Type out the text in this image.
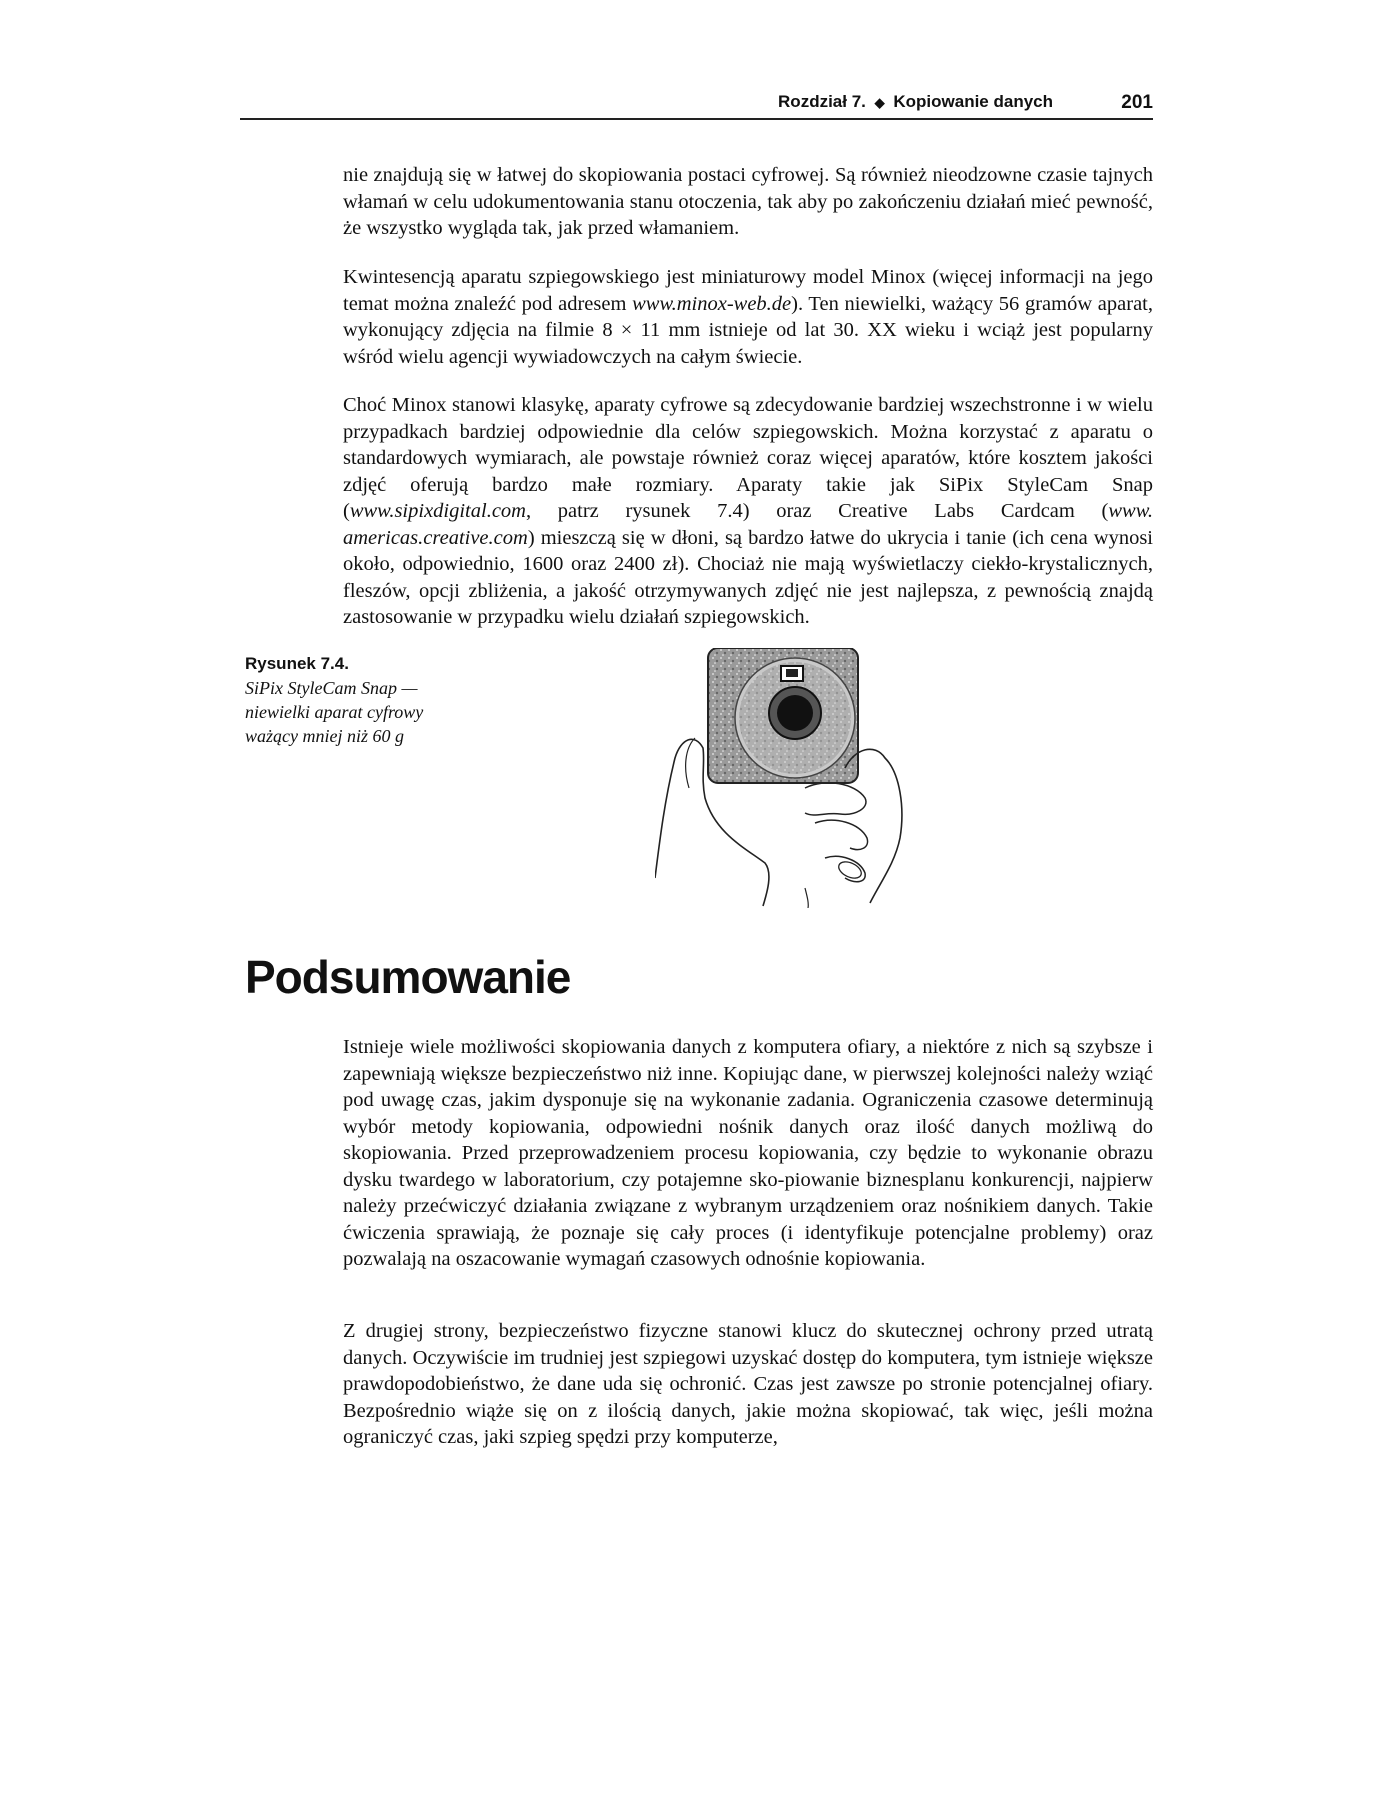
Rozdział 7. ◆ Kopiowanie danych	201

nie znajdują się w łatwej do skopiowania postaci cyfrowej. Są również nieodzowne czasie tajnych włamań w celu udokumentowania stanu otoczenia, tak aby po zakończeniu działań mieć pewność, że wszystko wygląda tak, jak przed włamaniem.

Kwintesencją aparatu szpiegowskiego jest miniaturowy model Minox (więcej informacji na jego temat można znaleźć pod adresem www.minox-web.de). Ten niewielki, ważący 56 gramów aparat, wykonujący zdjęcia na filmie 8 × 11 mm istnieje od lat 30. XX wieku i wciąż jest popularny wśród wielu agencji wywiadowczych na całym świecie.

Choć Minox stanowi klasykę, aparaty cyfrowe są zdecydowanie bardziej wszechstronne i w wielu przypadkach bardziej odpowiednie dla celów szpiegowskich. Można korzystać z aparatu o standardowych wymiarach, ale powstaje również coraz więcej aparatów, które kosztem jakości zdjęć oferują bardzo małe rozmiary. Aparaty takie jak SiPix StyleCam Snap (www.sipixdigital.com, patrz rysunek 7.4) oraz Creative Labs Cardcam (www. americas.creative.com) mieszczą się w dłoni, są bardzo łatwe do ukrycia i tanie (ich cena wynosi około, odpowiednio, 1600 oraz 2400 zł). Chociaż nie mają wyświetlaczy ciekło-krystalicznych, fleszów, opcji zbliżenia, a jakość otrzymywanych zdjęć nie jest najlepsza, z pewnością znajdą zastosowanie w przypadku wielu działań szpiegowskich.

Rysunek 7.4.
SiPix StyleCam Snap — niewielki aparat cyfrowy ważący mniej niż 60 g
Podsumowanie

Istnieje wiele możliwości skopiowania danych z komputera ofiary, a niektóre z nich są szybsze i zapewniają większe bezpieczeństwo niż inne. Kopiując dane, w pierwszej kolejności należy wziąć pod uwagę czas, jakim dysponuje się na wykonanie zadania. Ograniczenia czasowe determinują wybór metody kopiowania, odpowiedni nośnik danych oraz ilość danych możliwą do skopiowania. Przed przeprowadzeniem procesu kopiowania, czy będzie to wykonanie obrazu dysku twardego w laboratorium, czy potajemne sko-piowanie biznesplanu konkurencji, najpierw należy przećwiczyć działania związane z wybranym urządzeniem oraz nośnikiem danych. Takie ćwiczenia sprawiają, że poznaje się cały proces (i identyfikuje potencjalne problemy) oraz pozwalają na oszacowanie wymagań czasowych odnośnie kopiowania.

Z drugiej strony, bezpieczeństwo fizyczne stanowi klucz do skutecznej ochrony przed utratą danych. Oczywiście im trudniej jest szpiegowi uzyskać dostęp do komputera, tym istnieje większe prawdopodobieństwo, że dane uda się ochronić. Czas jest zawsze po stronie potencjalnej ofiary. Bezpośrednio wiąże się on z ilością danych, jakie można skopiować, tak więc, jeśli można ograniczyć czas, jaki szpieg spędzi przy komputerze,
